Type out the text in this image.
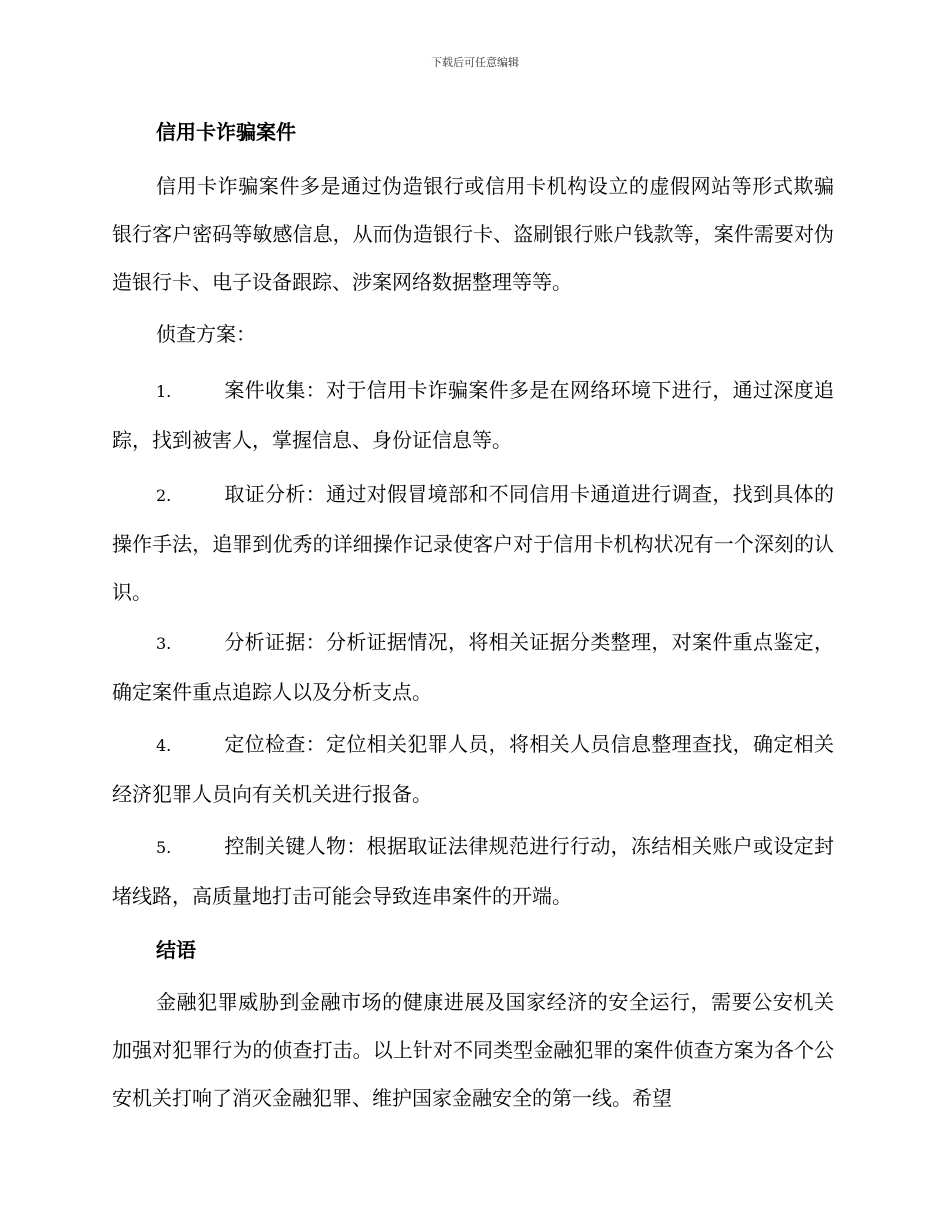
下载后可任意编辑
信用卡诈骗案件
信用卡诈骗案件多是通过伪造银行或信用卡机构设立的虚假网站等形式欺骗银行客户密码等敏感信息，从而伪造银行卡、盗刷银行账户钱款等，案件需要对伪造银行卡、电子设备跟踪、涉案网络数据整理等等。
侦查方案：
1.	案件收集：对于信用卡诈骗案件多是在网络环境下进行，通过深度追踪，找到被害人，掌握信息、身份证信息等。
2.	取证分析：通过对假冒境部和不同信用卡通道进行调查，找到具体的操作手法，追罪到优秀的详细操作记录使客户对于信用卡机构状况有一个深刻的认识。
3.	分析证据：分析证据情况，将相关证据分类整理，对案件重点鉴定，确定案件重点追踪人以及分析支点。
4.	定位检查：定位相关犯罪人员，将相关人员信息整理查找，确定相关经济犯罪人员向有关机关进行报备。
5.	控制关键人物：根据取证法律规范进行行动，冻结相关账户或设定封堵线路，高质量地打击可能会导致连串案件的开端。
结语
金融犯罪威胁到金融市场的健康进展及国家经济的安全运行，需要公安机关加强对犯罪行为的侦查打击。以上针对不同类型金融犯罪的案件侦查方案为各个公安机关打响了消灭金融犯罪、维护国家金融安全的第一线。希望
